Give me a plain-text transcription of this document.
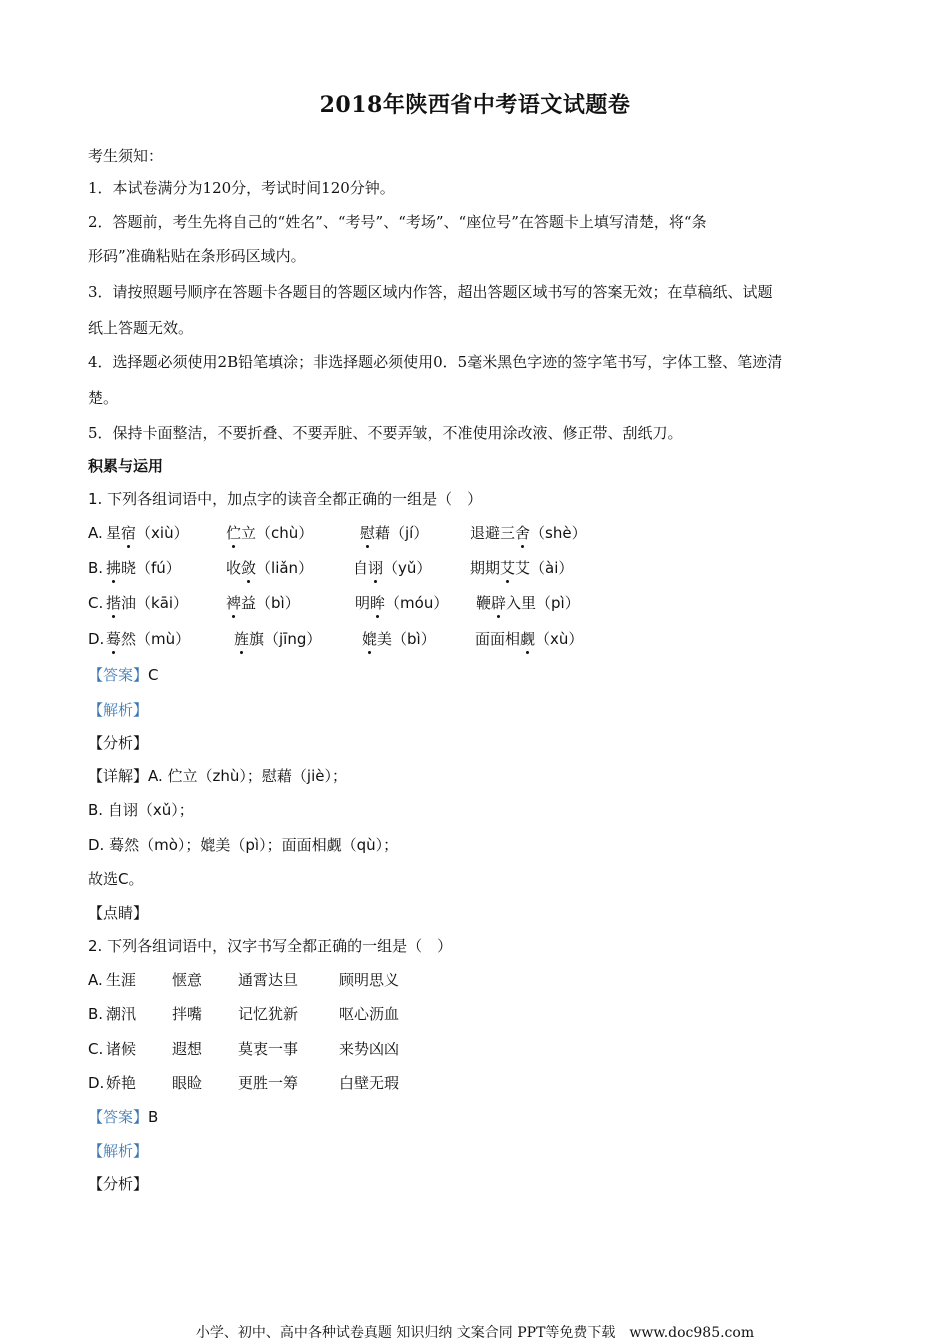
2018年陕西省中考语文试题卷
考生须知：
1．本试卷满分为120分，考试时间120分钟。
2．答题前，考生先将自己的“姓名”、“考号”、“考场”、“座位号”在答题卡上填写清楚，将“条
形码”准确粘贴在条形码区域内。
3．请按照题号顺序在答题卡各题目的答题区域内作答，超出答题区域书写的答案无效；在草稿纸、试题
纸上答题无效。
4．选择题必须使用2B铅笔填涂；非选择题必须使用0．5毫米黑色字迹的签字笔书写，字体工整、笔迹清
楚。
5．保持卡面整洁，不要折叠、不要弄脏、不要弄皱，不准使用涂改液、修正带、刮纸刀。
积累与运用
1. 下列各组词语中，加点字的读音全都正确的一组是（　）
A. 星宿（xiù） 伫立（chù）	慰藉（jí）	退避三舍（shè）
B. 拂晓（fú）	收敛（liǎn）	自诩（yǔ）	期期艾艾（ài）
C. 揩油（kāi）	裨益（bì）	明眸（móu） 鞭辟入里（pì）
D. 蓦然（mù）	旌旗（jīng）	媲美（bì）	面面相觑（xù）
【答案】C
【解析】
【分析】
【详解】A. 伫立（zhù）；慰藉（jiè）；
B. 自诩（xǔ）；
D. 蓦然（mò）；媲美（pì）；面面相觑（qù）；
故选C。
【点睛】
2. 下列各组词语中，汉字书写全都正确的一组是（　）
A. 生涯 惬意 通霄达旦	顾明思义
B. 潮汛 拌嘴 记忆犹新	呕心沥血
C. 诸候 遐想 莫衷一事	来势凶凶
D. 娇艳 眼睑 更胜一筹	白壁无瑕
【答案】B
【解析】
【分析】
小学、初中、高中各种试卷真题 知识归纳 文案合同 PPT等免费下载　www.doc985.com
